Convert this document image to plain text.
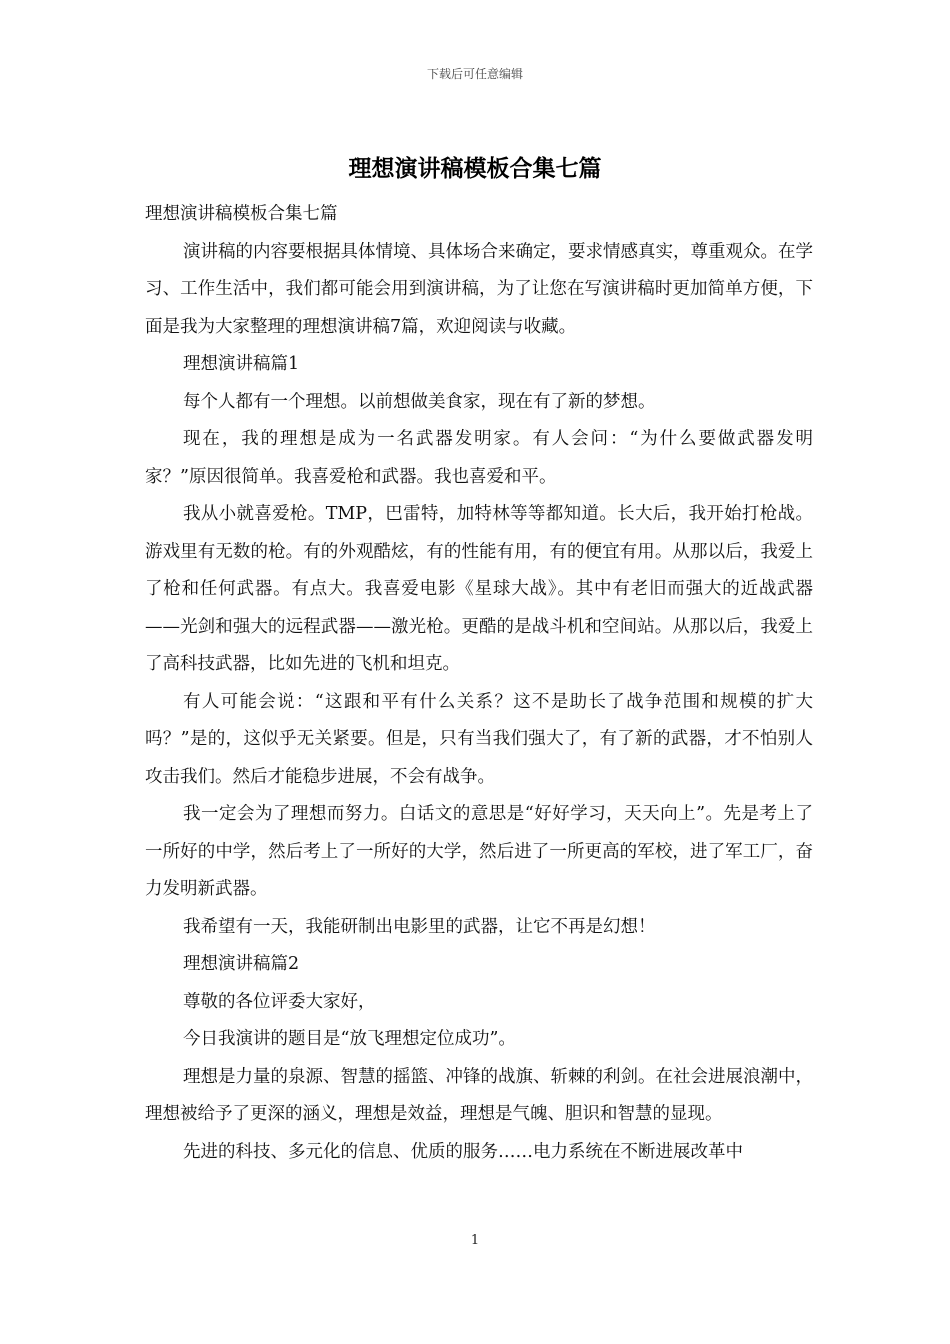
下载后可任意编辑
理想演讲稿模板合集七篇

理想演讲稿模板合集七篇

演讲稿的内容要根据具体情境、具体场合来确定，要求情感真实，尊重观众。在学习、工作生活中，我们都可能会用到演讲稿，为了让您在写演讲稿时更加简单方便，下面是我为大家整理的理想演讲稿7篇，欢迎阅读与收藏。

理想演讲稿篇1

每个人都有一个理想。以前想做美食家，现在有了新的梦想。

现在，我的理想是成为一名武器发明家。有人会问：“为什么要做武器发明家？”原因很简单。我喜爱枪和武器。我也喜爱和平。

我从小就喜爱枪。TMP，巴雷特，加特林等等都知道。长大后，我开始打枪战。游戏里有无数的枪。有的外观酷炫，有的性能有用，有的便宜有用。从那以后，我爱上了枪和任何武器。有点大。我喜爱电影《星球大战》。其中有老旧而强大的近战武器——光剑和强大的远程武器——激光枪。更酷的是战斗机和空间站。从那以后，我爱上了高科技武器，比如先进的飞机和坦克。

有人可能会说：“这跟和平有什么关系？这不是助长了战争范围和规模的扩大吗？”是的，这似乎无关紧要。但是，只有当我们强大了，有了新的武器，才不怕别人攻击我们。然后才能稳步进展，不会有战争。

我一定会为了理想而努力。白话文的意思是“好好学习，天天向上”。先是考上了一所好的中学，然后考上了一所好的大学，然后进了一所更高的军校，进了军工厂，奋力发明新武器。

我希望有一天，我能研制出电影里的武器，让它不再是幻想！

理想演讲稿篇2

尊敬的各位评委大家好，

今日我演讲的题目是“放飞理想定位成功”。

理想是力量的泉源、智慧的摇篮、冲锋的战旗、斩棘的利剑。在社会进展浪潮中，理想被给予了更深的涵义，理想是效益，理想是气魄、胆识和智慧的显现。

先进的科技、多元化的信息、优质的服务……电力系统在不断进展改革中

1
